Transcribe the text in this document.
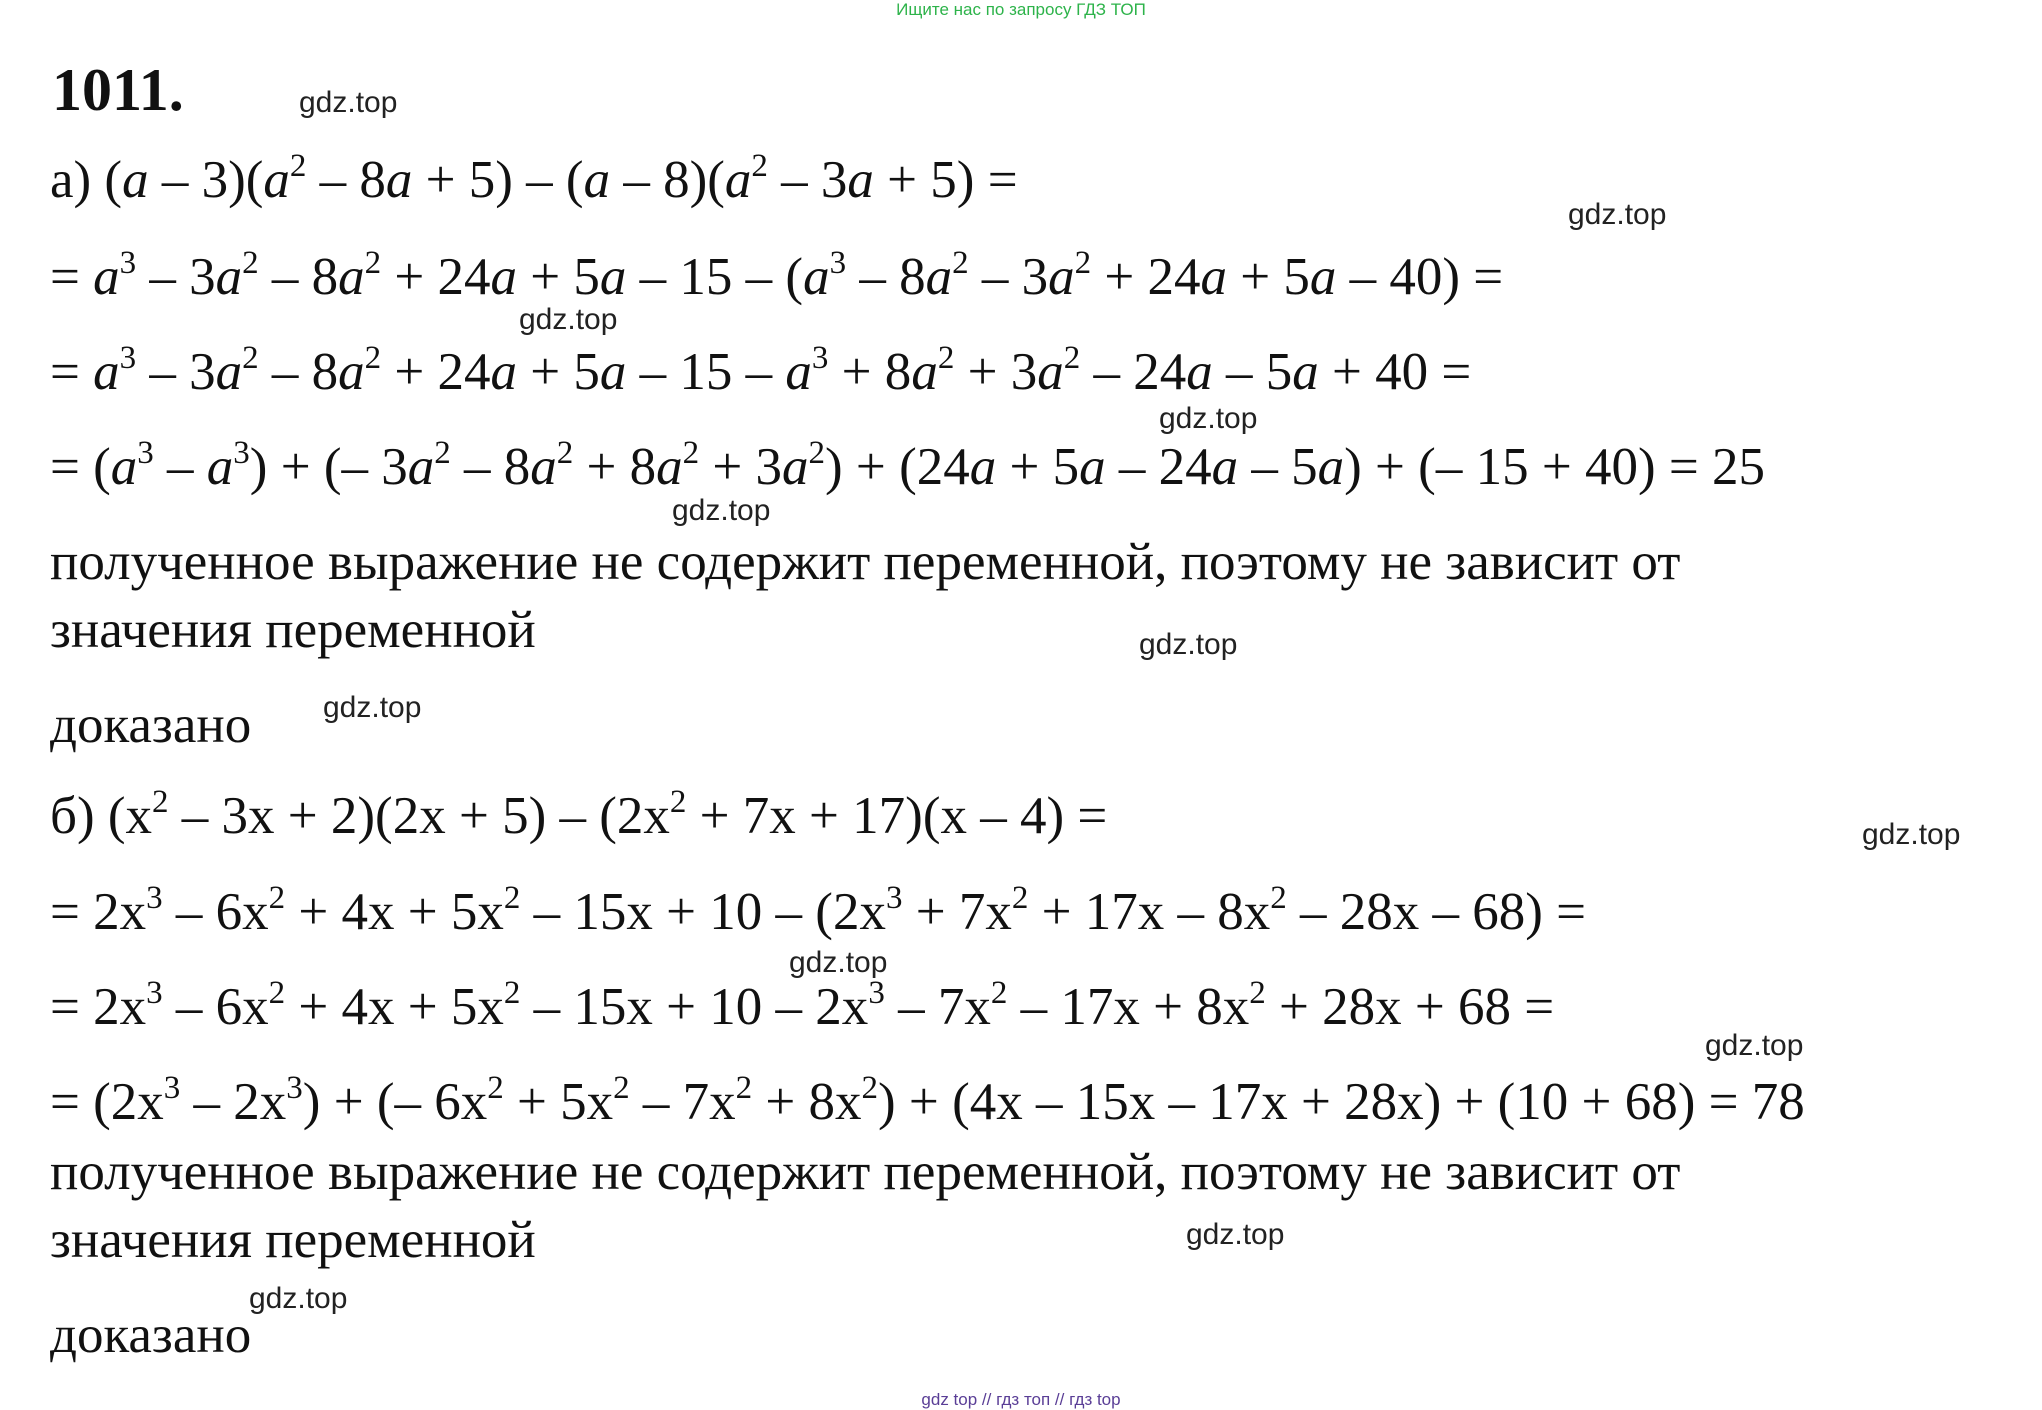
Ищите нас по запросу ГДЗ ТОП
1011.	gdz.top
gdz.top
gdz.top
gdz.top
gdz.top
gdz.top
gdz.top
gdz.top
gdz.top
gdz.top
gdz.top
gdz.top
а) $(a - 3)(a^2 - 8a + 5) - (a - 8)(a^2 - 3a + 5)$ =
= $a^3 - 3a^2 - 8a^2 + 24a + 5a - 15 - (a^3 - 8a^2 - 3a^2 + 24a + 5a - 40)$ =
= $a^3 - 3a^2 - 8a^2 + 24a + 5a - 15 - a^3 + 8a^2 + 3a^2 - 24a - 5a + 40$ =
= $(a^3 - a^3)$ + (– $3a^2 - 8a^2 + 8a^2 + 3a^2) + (24a + 5a - 24a - 5a)$ + (– 15 + 40) = 25
полученное выражение не содержит переменной, поэтому не зависит от
значения переменной
доказано
б) $(x^2 - 3x + 2)(2x + 5) - (2x^2 + 7x + 17)(x - 4)$ =
= $2x^3 - 6x^2 + 4x + 5x^2 - 15x + 10 - (2x^3 + 7x^2 + 17x - 8x^2 - 28x - 68)$ =
= $2x^3 - 6x^2 + 4x + 5x^2 - 15x + 10 - 2x^3 - 7x^2 - 17x + 8x^2 + 28x + 68$ =
= $(2x^3 - 2x^3)$ + (– $6x^2 + 5x^2 - 7x^2 + 8x^2) + (4x - 15x - 17x + 28x) + (10 + 68) = 78$
полученное выражение не содержит переменной, поэтому не зависит от
значения переменной
доказано
gdz top // гдз топ // гдз top
